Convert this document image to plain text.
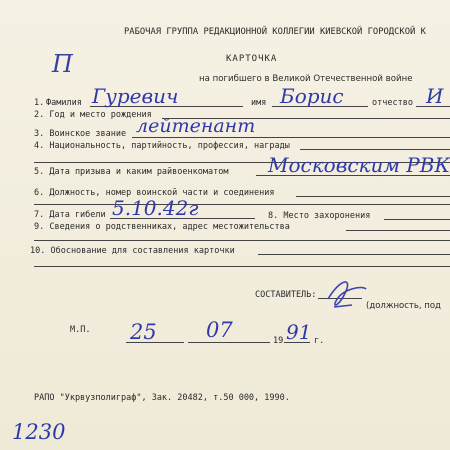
РАБОЧАЯ ГРУППА РЕДАКЦИОННОЙ КОЛЛЕГИИ КИЕВСКОЙ ГОРОДСКОЙ К
КАРТОЧКА
на погибшего в Великой Отечественной войне
П
1. Фамилия Гуревич	имя Борис	отчество И
2. Год и место рождения
3. Воинское звание лейтенант
4. Национальность, партийность, профессия, награды
5. Дата призыва и каким райвоенкоматом Московским РВК
6. Должность, номер воинской части и соединения
7. Дата гибели 5.10.42г	8. Место захоронения
9. Сведения о родственниках, адрес местожительства
10. Обоснование для составления карточки
СОСТАВИТЕЛЬ:
(должность, под
М.П. 25 07	19 91 г.
РАПО "Укрвузполиграф", Зак. 20482, т.50 000, 1990.
1230
